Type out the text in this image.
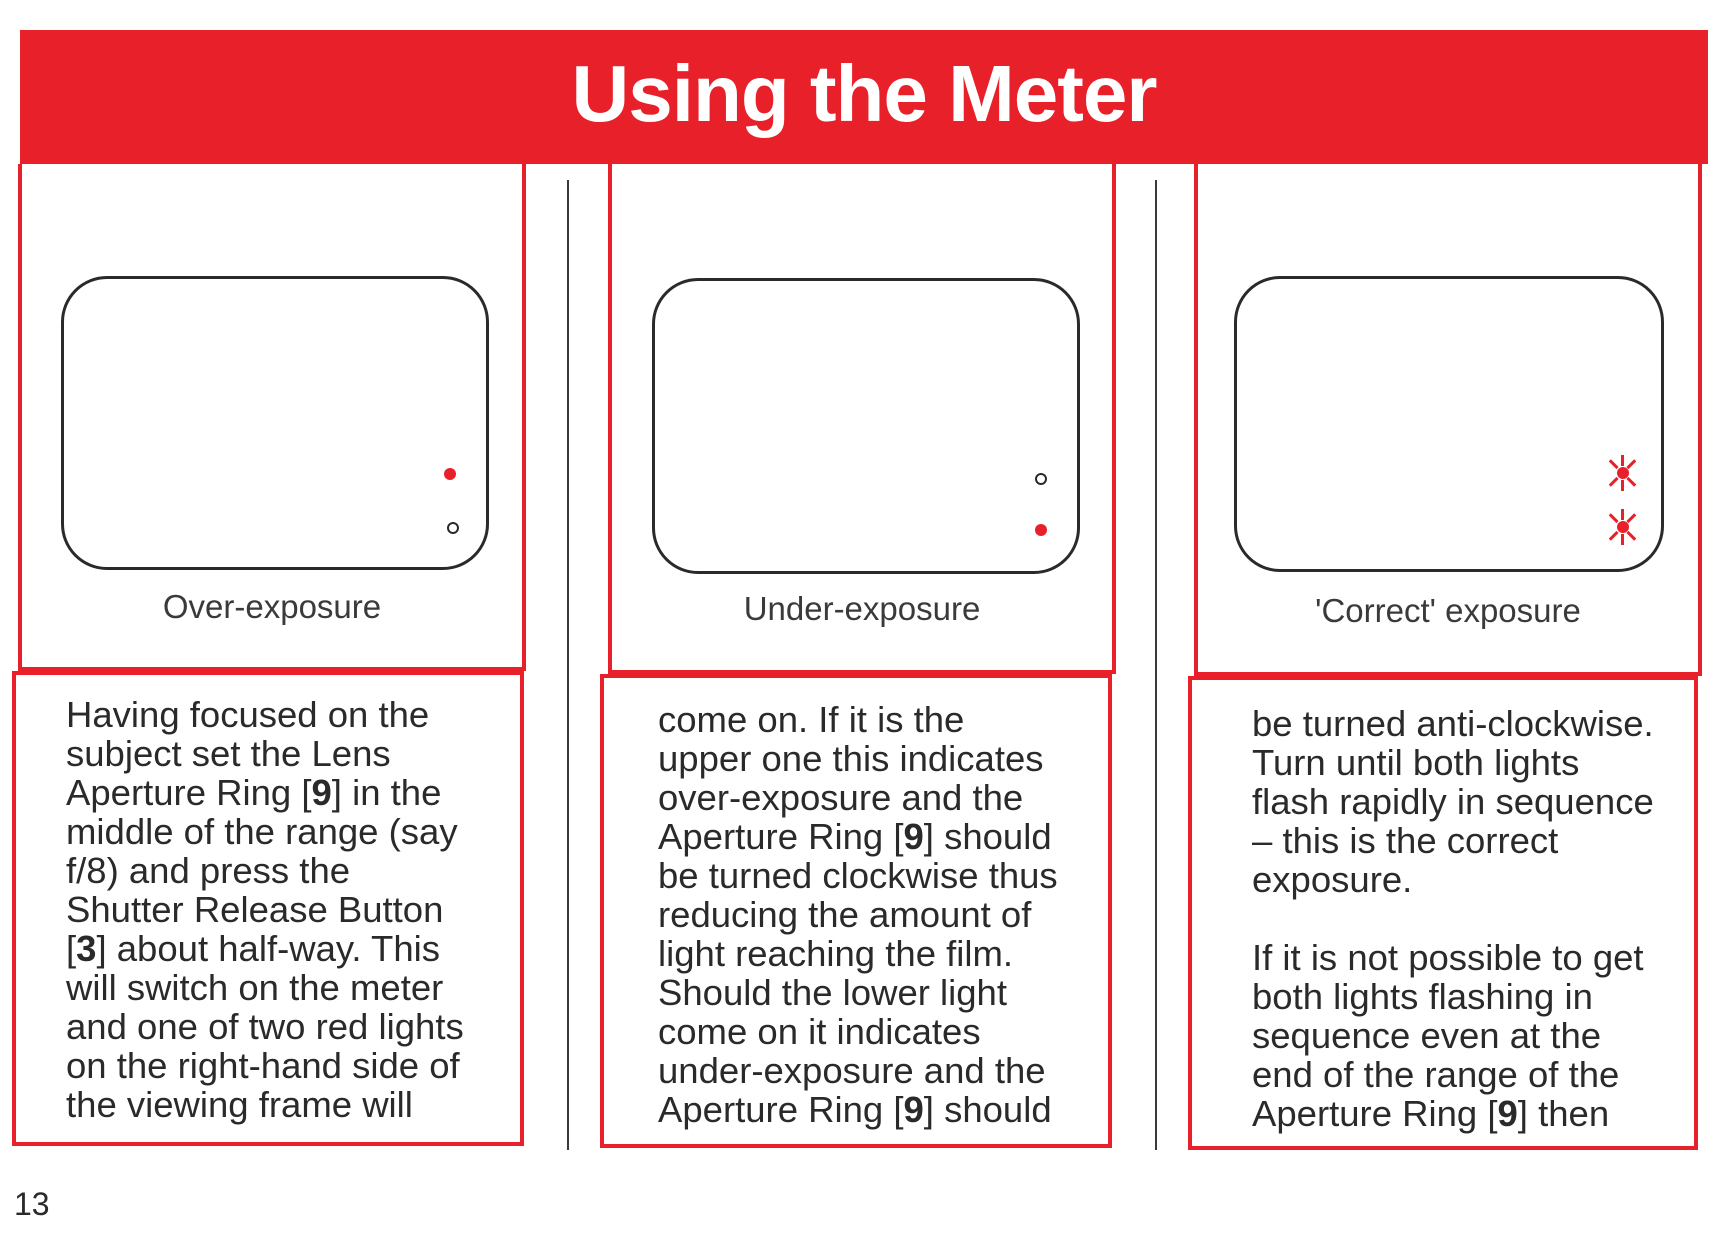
Using the Meter
Over-exposure
Having focused on the
subject set the Lens
Aperture Ring [9] in the
middle of the range (say
f/8) and press the
Shutter Release Button
[3] about half-way. This
will switch on the meter
and one of two red lights
on the right-hand side of
the viewing frame will
Under-exposure
come on. If it is the
upper one this indicates
over-exposure and the
Aperture Ring [9] should
be turned clockwise thus
reducing the amount of
light reaching the film.
Should the lower light
come on it indicates
under-exposure and the
Aperture Ring [9] should
'Correct' exposure
be turned anti-clockwise.
Turn until both lights
flash rapidly in sequence
– this is the correct
exposure.

If it is not possible to get
both lights flashing in
sequence even at the
end of the range of the
Aperture Ring [9] then
13
